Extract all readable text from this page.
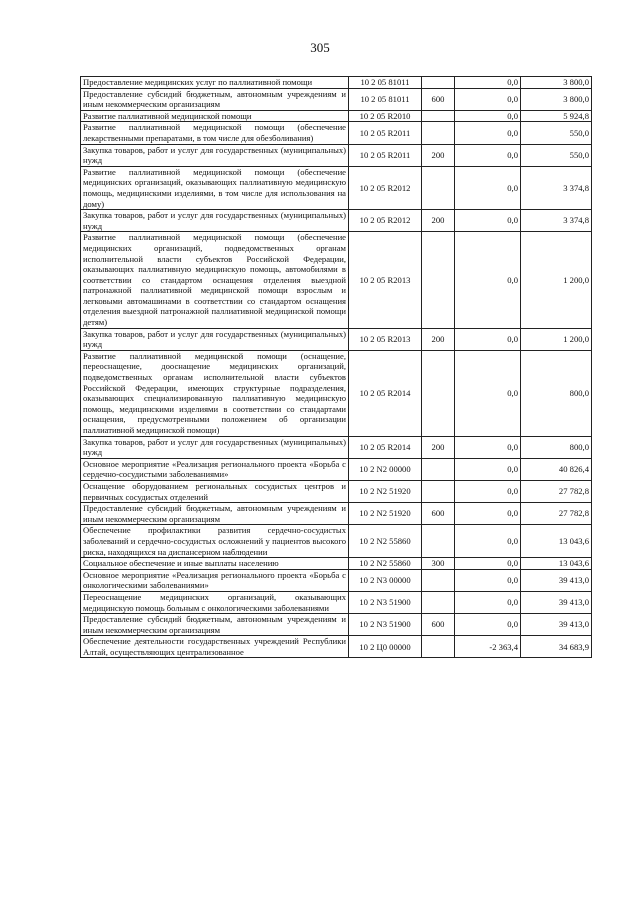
305
Предоставление медицинских услуг по паллиативной помощи	10 2 05 81011		0,0	3 800,0
Предоставление субсидий бюджетным, автономным учреждениям и иным некоммерческим организациям	10 2 05 81011	600	0,0	3 800,0
Развитие паллиативной медицинской помощи	10 2 05 R2010		0,0	5 924,8
Развитие паллиативной медицинской помощи (обеспечение лекарственными препаратами, в том числе для обезболивания)	10 2 05 R2011		0,0	550,0
Закупка товаров, работ и услуг для государственных (муниципальных) нужд	10 2 05 R2011	200	0,0	550,0
Развитие паллиативной медицинской помощи (обеспечение медицинских организаций, оказывающих паллиативную медицинскую помощь, медицинскими изделиями, в том числе для использования на дому)	10 2 05 R2012		0,0	3 374,8
Закупка товаров, работ и услуг для государственных (муниципальных) нужд	10 2 05 R2012	200	0,0	3 374,8
Развитие паллиативной медицинской помощи (обеспечение медицинских организаций, подведомственных органам исполнительной власти субъектов Российской Федерации, оказывающих паллиативную медицинскую помощь, автомобилями в соответствии со стандартом оснащения отделения выездной патронажной паллиативной медицинской помощи взрослым и легковыми автомашинами в соответствии со стандартом оснащения отделения выездной патронажной паллиативной медицинской помощи детям)	10 2 05 R2013		0,0	1 200,0
Закупка товаров, работ и услуг для государственных (муниципальных) нужд	10 2 05 R2013	200	0,0	1 200,0
Развитие паллиативной медицинской помощи (оснащение, переоснащение, дооснащение медицинских организаций, подведомственных органам исполнительной власти субъектов Российской Федерации, имеющих структурные подразделения, оказывающих специализированную паллиативную медицинскую помощь, медицинскими изделиями в соответствии со стандартами оснащения, предусмотренными положением об организации паллиативной медицинской помощи)	10 2 05 R2014		0,0	800,0
Закупка товаров, работ и услуг для государственных (муниципальных) нужд	10 2 05 R2014	200	0,0	800,0
Основное мероприятие «Реализация регионального проекта «Борьба с сердечно-сосудистыми заболеваниями»	10 2 N2 00000		0,0	40 826,4
Оснащение оборудованием региональных сосудистых центров и первичных сосудистых отделений	10 2 N2 51920		0,0	27 782,8
Предоставление субсидий бюджетным, автономным учреждениям и иным некоммерческим организациям	10 2 N2 51920	600	0,0	27 782,8
Обеспечение профилактики развития сердечно-сосудистых заболеваний и сердечно-сосудистых осложнений у пациентов высокого риска, находящихся на диспансерном наблюдении	10 2 N2 55860		0,0	13 043,6
Социальное обеспечение и иные выплаты населению	10 2 N2 55860	300	0,0	13 043,6
Основное мероприятие «Реализация регионального проекта «Борьба с онкологическими заболеваниями»	10 2 N3 00000		0,0	39 413,0
Переоснащение медицинских организаций, оказывающих медицинскую помощь больным с онкологическими заболеваниями	10 2 N3 51900		0,0	39 413,0
Предоставление субсидий бюджетным, автономным учреждениям и иным некоммерческим организациям	10 2 N3 51900	600	0,0	39 413,0
Обеспечение деятельности государственных учреждений Республики Алтай, осуществляющих централизованное	10 2 Ц0 00000		-2 363,4	34 683,9
